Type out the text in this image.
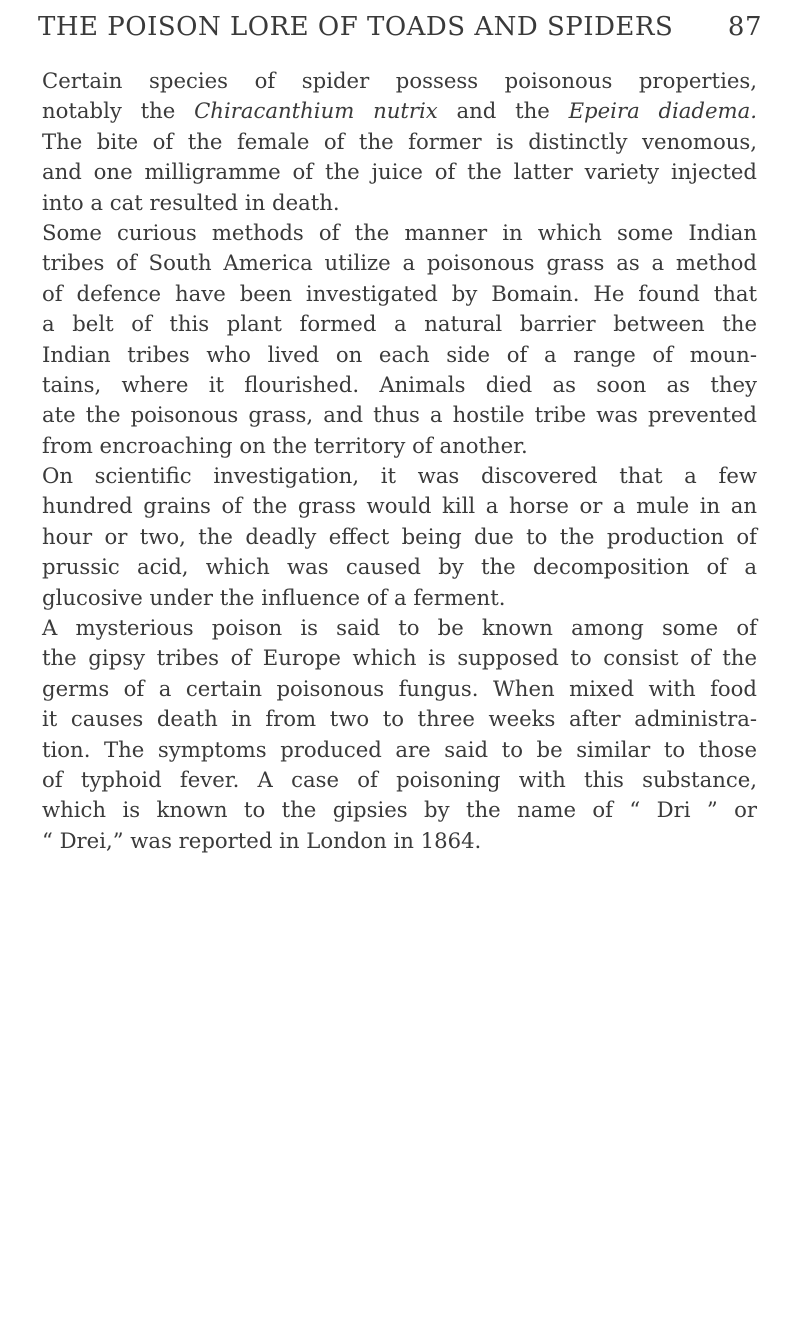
THE POISON LORE OF TOADS AND SPIDERS 87
Certain species of spider possess poisonous properties,
notably the Chiracanthium nutrix and the Epeira diadema.
The bite of the female of the former is distinctly venomous,
and one milligramme of the juice of the latter variety injected
into a cat resulted in death.
Some curious methods of the manner in which some Indian
tribes of South America utilize a poisonous grass as a method
of defence have been investigated by Bomain. He found that
a belt of this plant formed a natural barrier between the
Indian tribes who lived on each side of a range of moun-
tains, where it flourished. Animals died as soon as they
ate the poisonous grass, and thus a hostile tribe was prevented
from encroaching on the territory of another.
On scientific investigation, it was discovered that a few
hundred grains of the grass would kill a horse or a mule in an
hour or two, the deadly effect being due to the production of
prussic acid, which was caused by the decomposition of a
glucosive under the influence of a ferment.
A mysterious poison is said to be known among some of
the gipsy tribes of Europe which is supposed to consist of the
germs of a certain poisonous fungus. When mixed with food
it causes death in from two to three weeks after administra-
tion. The symptoms produced are said to be similar to those
of typhoid fever. A case of poisoning with this substance,
which is known to the gipsies by the name of “ Dri ” or
“ Drei,” was reported in London in 1864.
